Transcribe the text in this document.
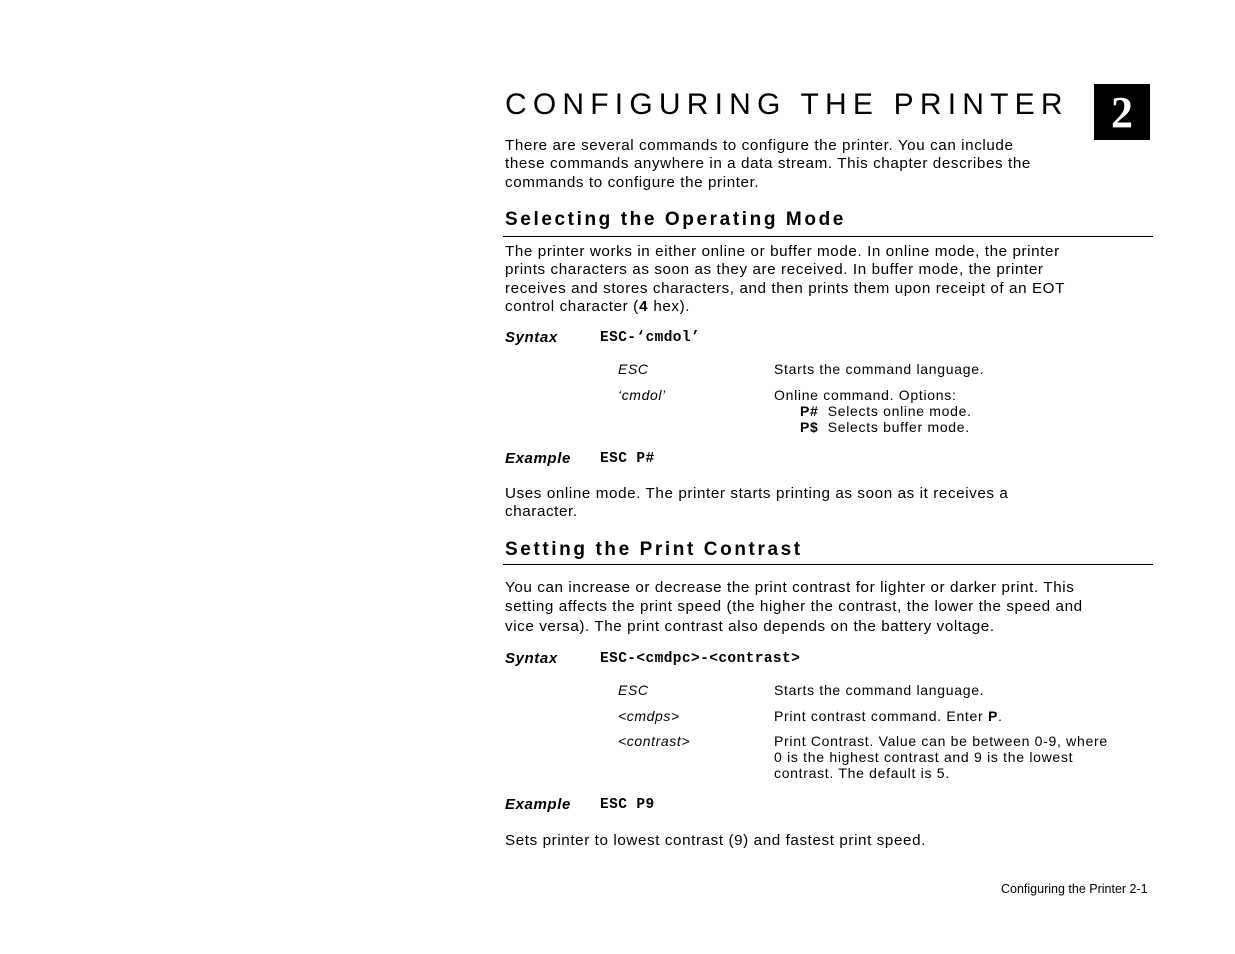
CONFIGURING THE PRINTER 2

There are several commands to configure the printer. You can include
these commands anywhere in a data stream. This chapter describes the
commands to configure the printer.

Selecting the Operating Mode

The printer works in either online or buffer mode. In online mode, the printer
prints characters as soon as they are received. In buffer mode, the printer
receives and stores characters, and then prints them upon receipt of an EOT
control character (4 hex).

Syntax	ESC-‘cmdol’
ESC	Starts the command language.
‘cmdol’	Online command. Options:
P# Selects online mode.
P$ Selects buffer mode.
Example ESC P#

Uses online mode. The printer starts printing as soon as it receives a
character.

Setting the Print Contrast

You can increase or decrease the print contrast for lighter or darker print. This
setting affects the print speed (the higher the contrast, the lower the speed and
vice versa). The print contrast also depends on the battery voltage.

Syntax	ESC-<cmdpc>-<contrast>
ESC	Starts the command language.
<cmdps>	Print contrast command. Enter P.
<contrast>	Print Contrast. Value can be between 0-9, where
0 is the highest contrast and 9 is the lowest
contrast. The default is 5.
Example ESC P9

Sets printer to lowest contrast (9) and fastest print speed.

Configuring the Printer 2-1
